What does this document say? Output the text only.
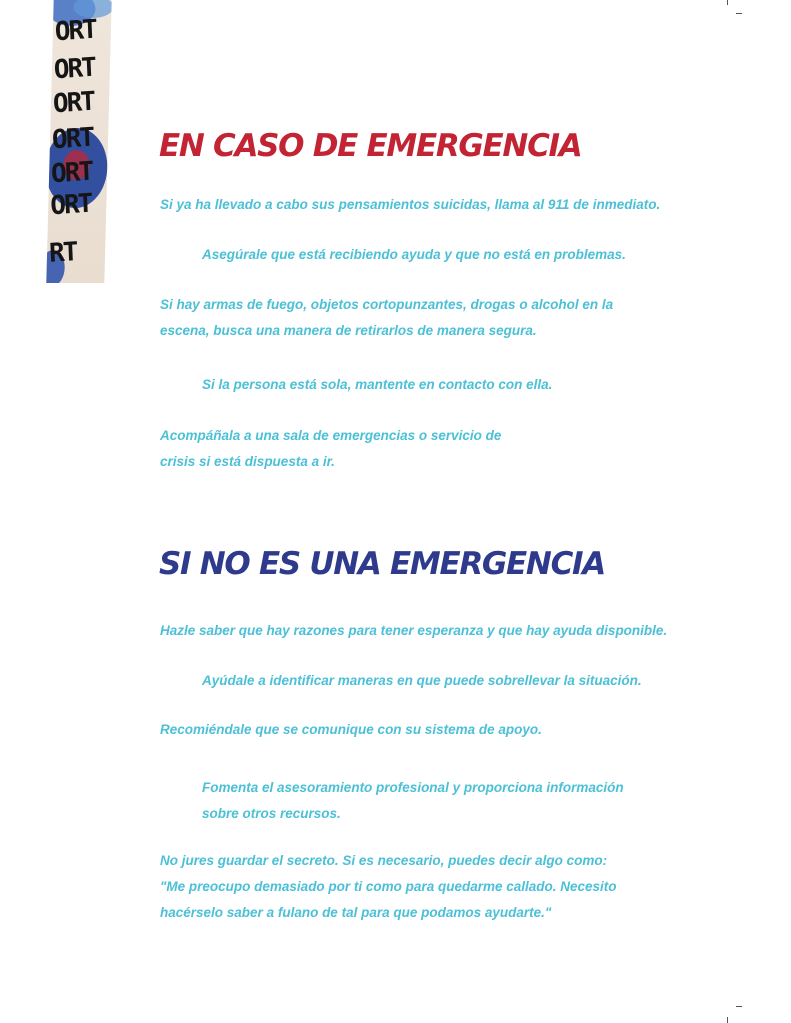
ORT
ORT
ORT
ORT
ORT
ORT
RT
EN CASO DE EMERGENCIA

Si ya ha llevado a cabo sus pensamientos suicidas, llama al 911 de inmediato.

Asegúrale que está recibiendo ayuda y que no está en problemas.

Si hay armas de fuego, objetos cortopunzantes, drogas o alcohol en la
escena, busca una manera de retirarlos de manera segura.

Si la persona está sola, mantente en contacto con ella.

Acompáñala a una sala de emergencias o servicio de
crisis si está dispuesta a ir.

SI NO ES UNA EMERGENCIA

Hazle saber que hay razones para tener esperanza y que hay ayuda disponible.

Ayúdale a identificar maneras en que puede sobrellevar la situación.

Recomiéndale que se comunique con su sistema de apoyo.

Fomenta el asesoramiento profesional y proporciona información
sobre otros recursos.

No jures guardar el secreto. Si es necesario, puedes decir algo como:
"Me preocupo demasiado por ti como para quedarme callado. Necesito
hacérselo saber a fulano de tal para que podamos ayudarte."
